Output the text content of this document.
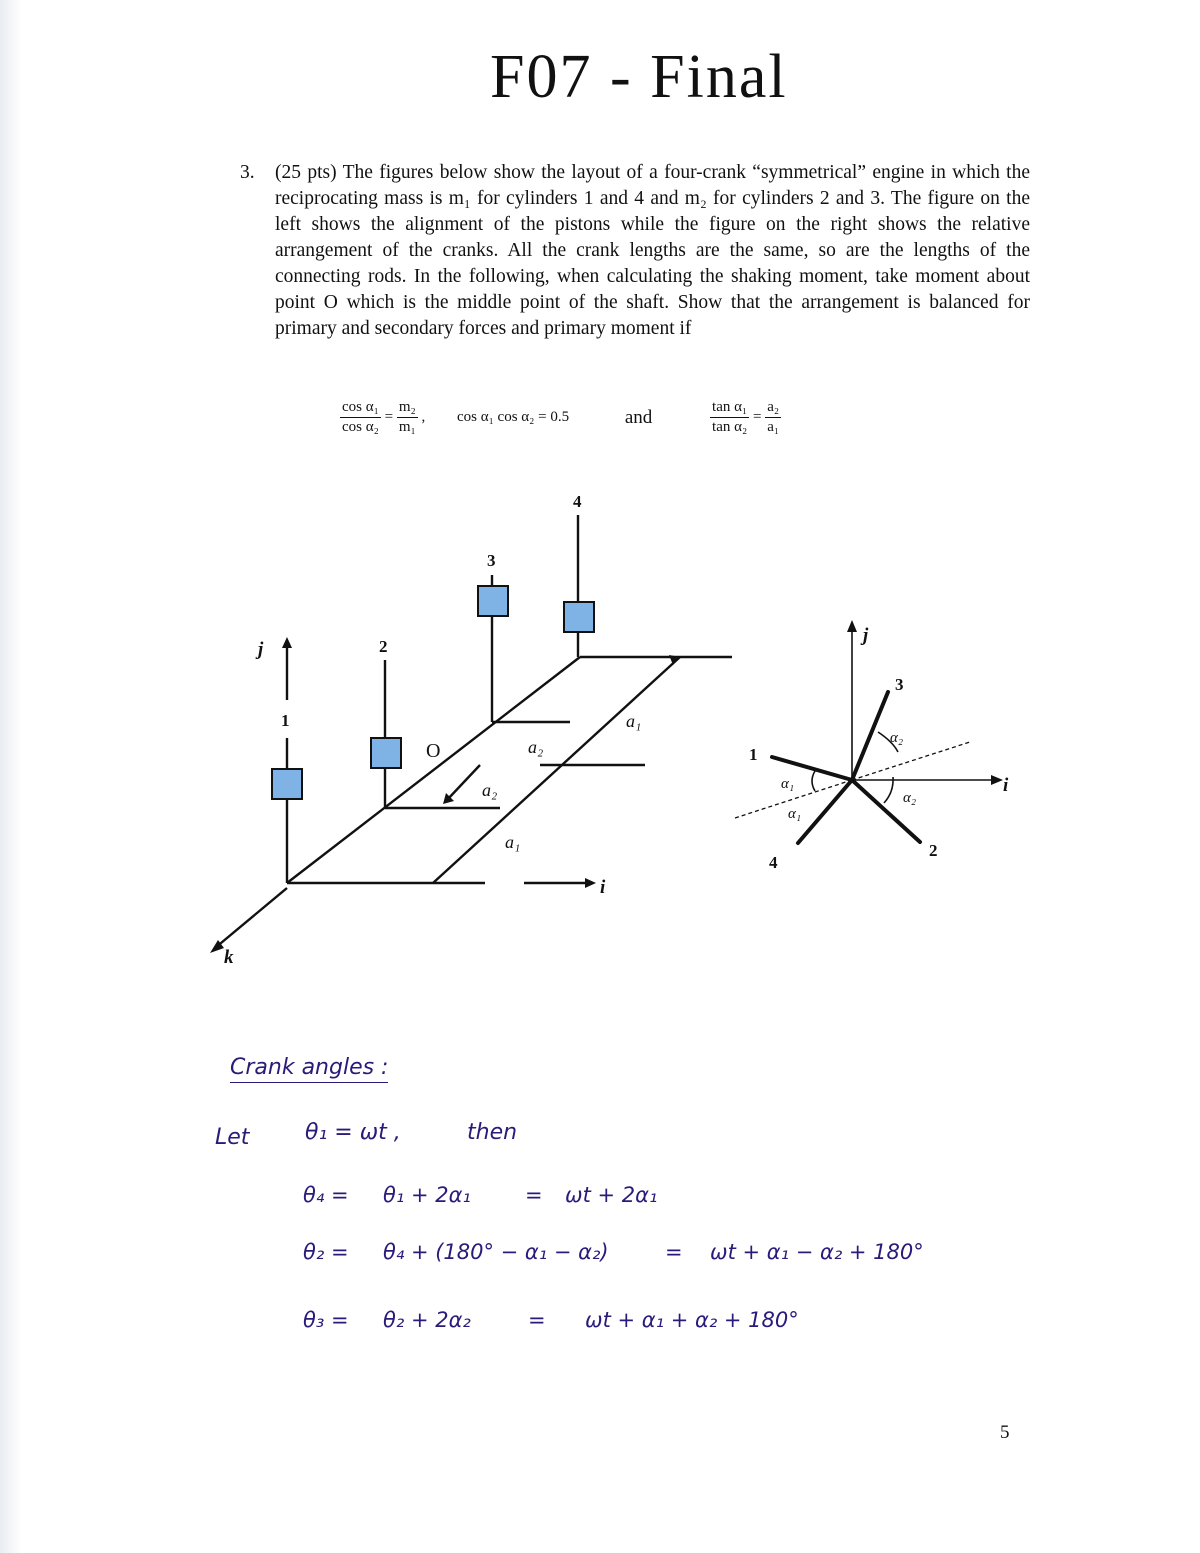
F07 - Final
3. (25 pts) The figures below show the layout of a four-crank “symmetrical” engine in which the reciprocating mass is m₁ for cylinders 1 and 4 and m₂ for cylinders 2 and 3. The figure on the left shows the alignment of the pistons while the figure on the right shows the relative arrangement of the cranks. All the crank lengths are the same, so are the lengths of the connecting rods. In the following, when calculating the shaking moment, take moment about point O which is the middle point of the shaft. Show that the arrangement is balanced for primary and secondary forces and primary moment if
$\frac{\text{cos α₁}}{\text{cos α₂}} = \frac{\text{m₂}}{\text{m₁}}$ , cos α₁ cos α₂ = 0.5	and	$\frac{\text{tan α₁}}{\text{tan α₂}} = \frac{\text{a₂}}{\text{a₁}}$
1
2
3
4
O	a₂
a₂
a₁
a₁
j⃗
i⃗
k⃗
3
2
1
4
α₂
α₂
α₁
α₁
j⃗
i⃗
Crank angles :
Let	θ₁ = ωt ,	then
θ₄ = θ₁ + 2α₁	= ωt + 2α₁
θ₂ = θ₄ + (180° − α₁ − α₂)	= ωt + α₁ − α₂ + 180°
θ₃ = θ₂ + 2α₂	= ωt + α₁ + α₂ + 180°
5
